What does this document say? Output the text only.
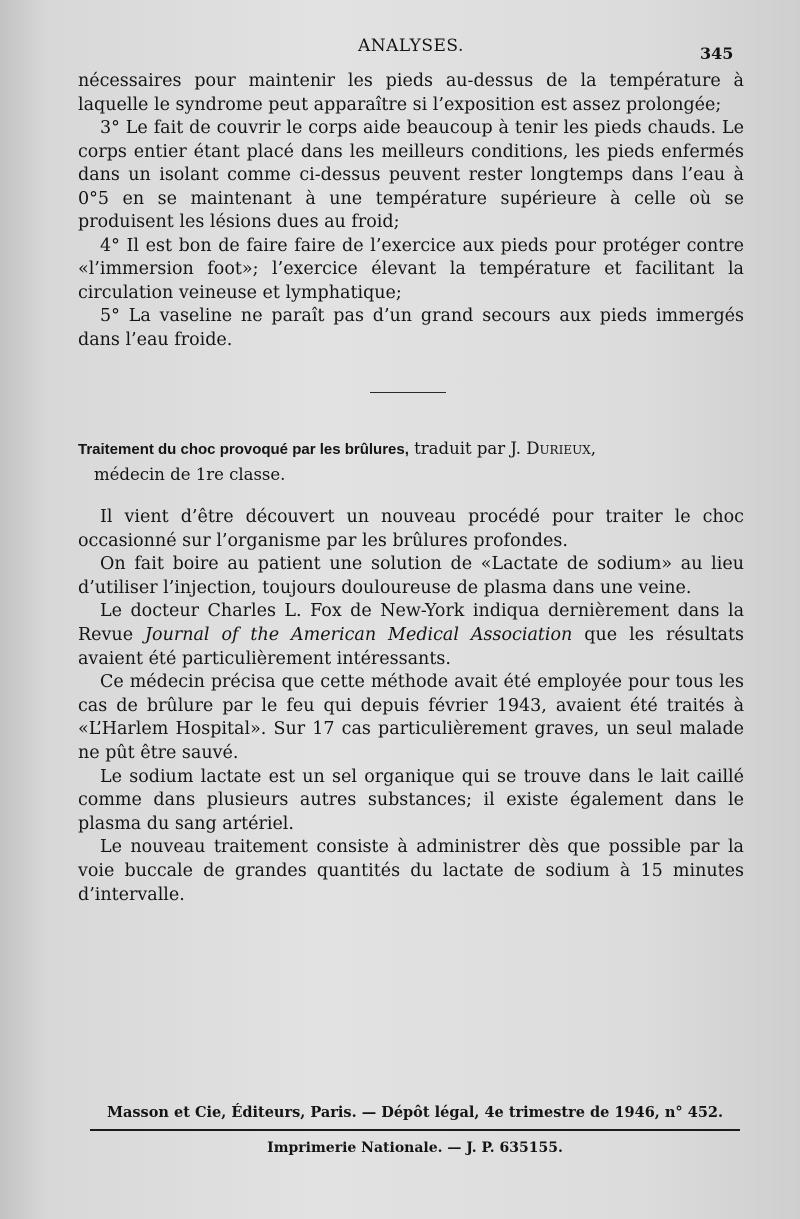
ANALYSES.	345

nécessaires pour maintenir les pieds au-dessus de la température à laquelle le syndrome peut apparaître si l’exposition est assez prolongée;

3° Le fait de couvrir le corps aide beaucoup à tenir les pieds chauds. Le corps entier étant placé dans les meilleurs conditions, les pieds enfermés dans un isolant comme ci-dessus peuvent rester longtemps dans l’eau à 0°5 en se maintenant à une température supérieure à celle où se produisent les lésions dues au froid;

4° Il est bon de faire faire de l’exercice aux pieds pour protéger contre «l’immersion foot»; l’exercice élevant la température et facilitant la circulation veineuse et lymphatique;

5° La vaseline ne paraît pas d’un grand secours aux pieds immergés dans l’eau froide.

Traitement du choc provoqué par les brûlures, traduit par J. Durieux,
médecin de 1re classe.

Il vient d’être découvert un nouveau procédé pour traiter le choc occasionné sur l’organisme par les brûlures profondes.

On fait boire au patient une solution de «Lactate de sodium» au lieu d’utiliser l’injection, toujours douloureuse de plasma dans une veine.

Le docteur Charles L. Fox de New-York indiqua dernièrement dans la Revue Journal of the American Medical Association que les résultats avaient été particulièrement intéressants.

Ce médecin précisa que cette méthode avait été employée pour tous les cas de brûlure par le feu qui depuis février 1943, avaient été traités à «L’Harlem Hospital». Sur 17 cas particulièrement graves, un seul malade ne pût être sauvé.

Le sodium lactate est un sel organique qui se trouve dans le lait caillé comme dans plusieurs autres substances; il existe également dans le plasma du sang artériel.

Le nouveau traitement consiste à administrer dès que possible par la voie buccale de grandes quantités du lactate de sodium à 15 minutes d’intervalle.

Masson et Cie, Éditeurs, Paris. — Dépôt légal, 4e trimestre de 1946, n° 452.
Imprimerie Nationale. — J. P. 635155.
